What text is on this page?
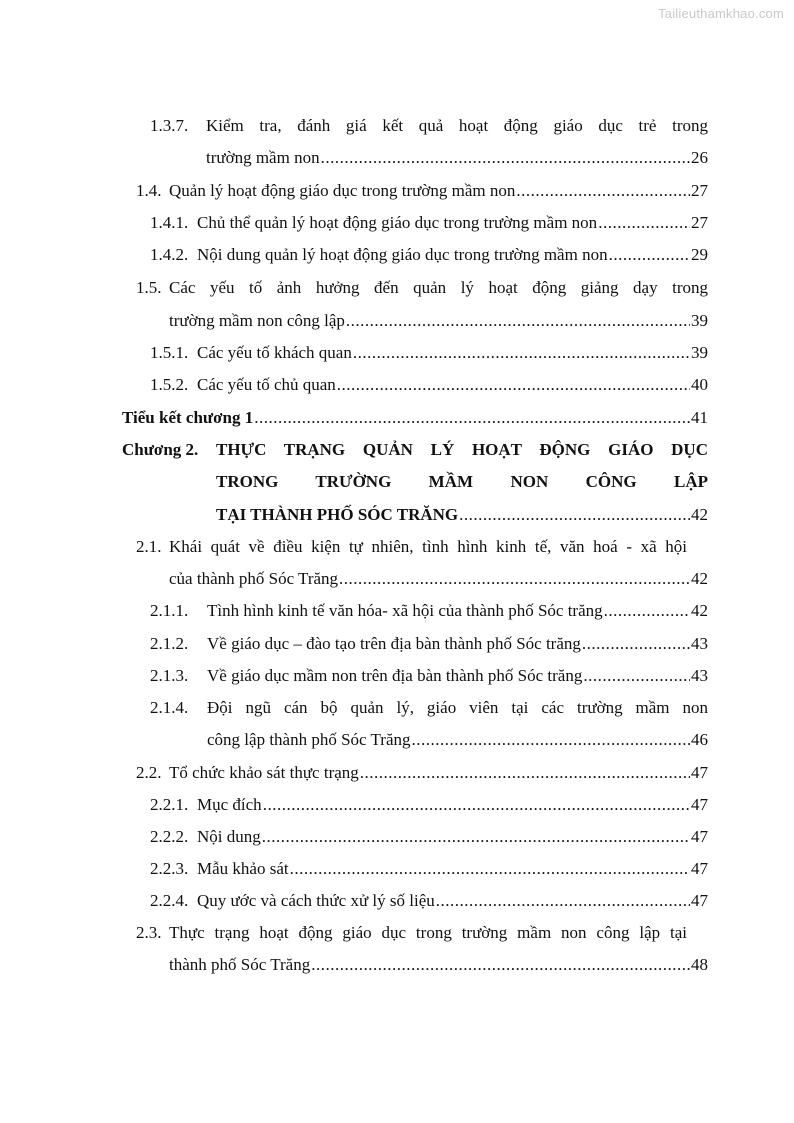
Tailieuthamkhao.com
1.3.7.	Kiểm tra, đánh giá kết quả hoạt động giáo dục trẻ trong
trường mầm non .....	26
1.4. Quản lý hoạt động giáo dục trong trường mầm non .....	27
1.4.1. Chủ thể quản lý hoạt động giáo dục trong trường mầm non .....	27
1.4.2. Nội dung quản lý hoạt động giáo dục trong trường mầm non .....	29
1.5. Các yếu tố ảnh hưởng đến quản lý hoạt động giảng dạy trong
trường mầm non công lập .....	39
1.5.1. Các yếu tố khách quan .....	39
1.5.2. Các yếu tố chủ quan .....	40
Tiểu kết chương 1 .....	41
Chương 2.	THỰC TRẠNG QUẢN LÝ HOẠT ĐỘNG GIÁO DỤC
TRONG TRƯỜNG MẦM NON CÔNG LẬP
TẠI THÀNH PHỐ SÓC TRĂNG .....	42
2.1. Khái quát về điều kiện tự nhiên, tình hình kinh tế, văn hoá - xã hội
của thành phố Sóc Trăng .....	42
2.1.1.	Tình hình kinh tế văn hóa- xã hội của thành phố Sóc trăng .....	42
2.1.2.	Về giáo dục – đào tạo trên địa bàn thành phố Sóc trăng .....	43
2.1.3.	Về giáo dục mầm non trên địa bàn thành phố Sóc trăng .....	43
2.1.4.	Đội ngũ cán bộ quản lý, giáo viên tại các trường mầm non
công lập thành phố Sóc Trăng .....	46
2.2. Tổ chức khảo sát thực trạng .....	47
2.2.1. Mục đích .....	47
2.2.2. Nội dung .....	47
2.2.3. Mẫu khảo sát .....	47
2.2.4. Quy ước và cách thức xử lý số liệu .....	47
2.3. Thực trạng hoạt động giáo dục trong trường mầm non công lập tại
thành phố Sóc Trăng .....	48
